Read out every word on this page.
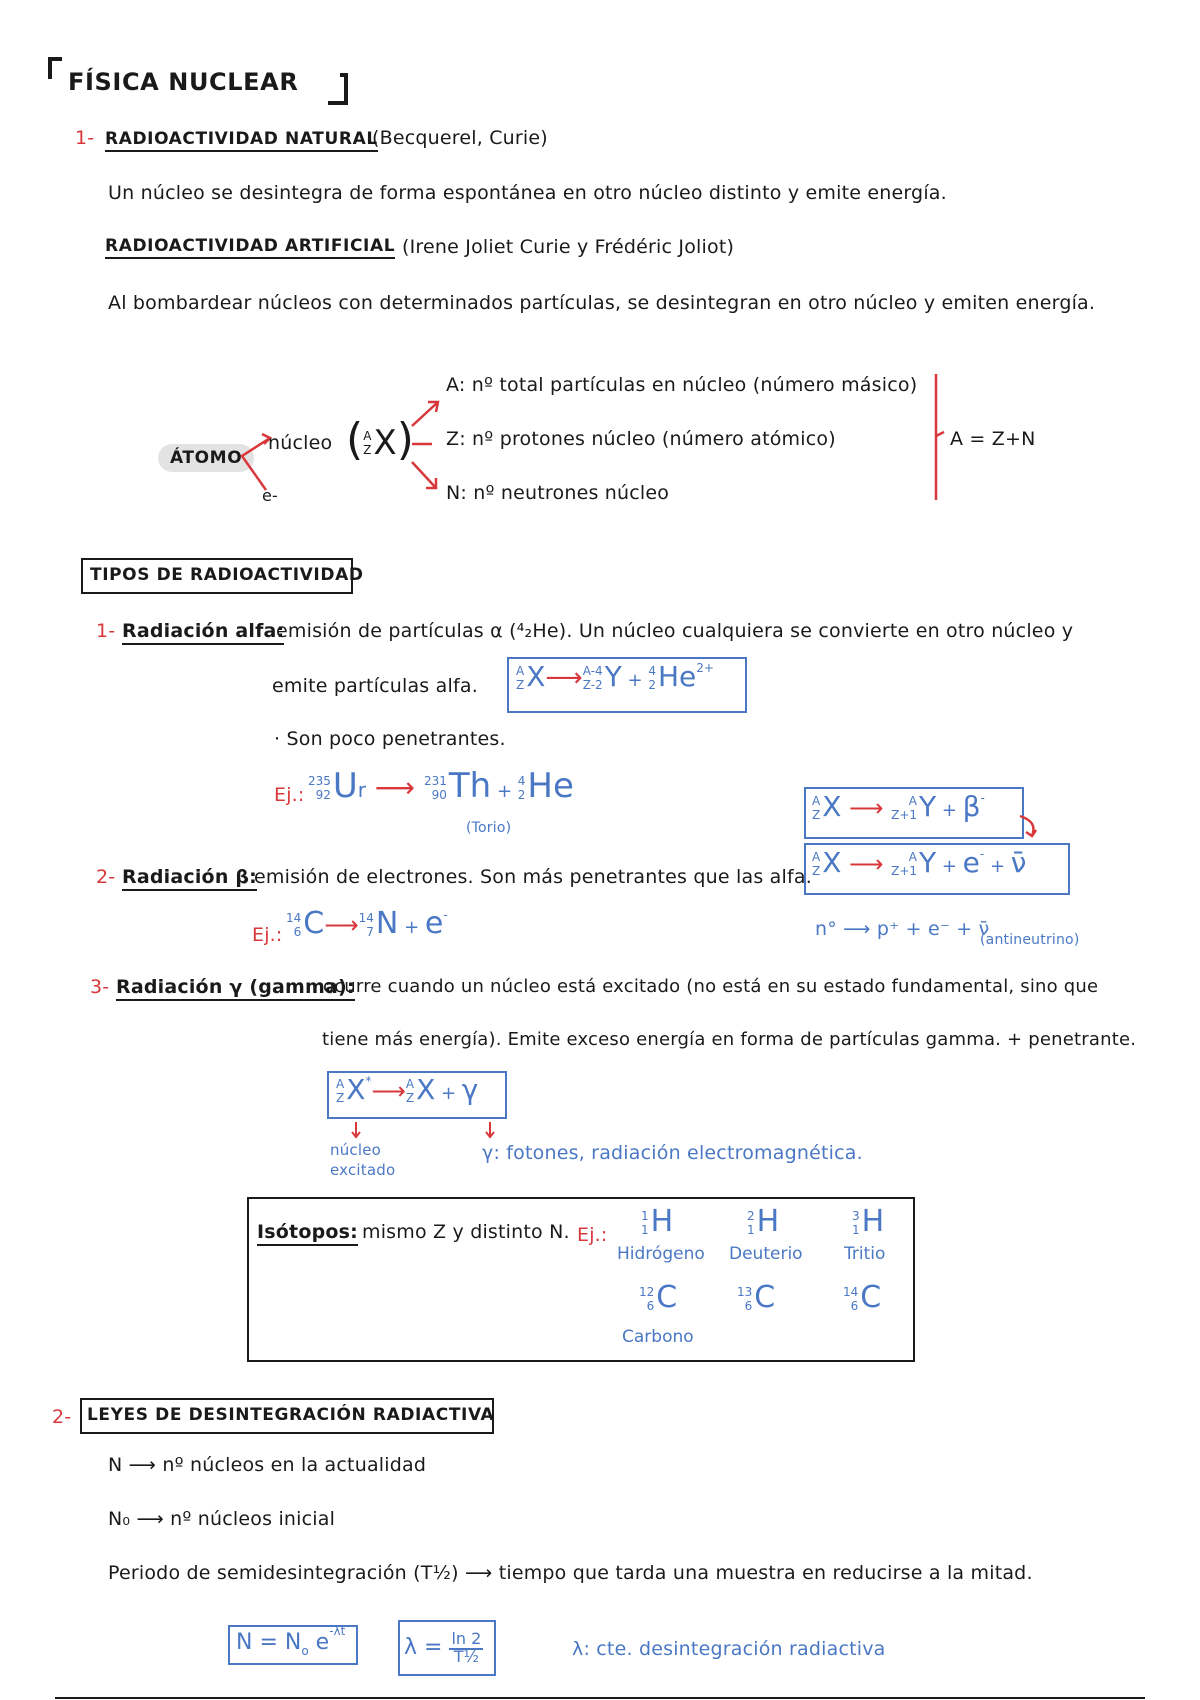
FÍSICA NUCLEAR
1- RADIOACTIVIDAD NATURAL
(Becquerel, Curie)
Un núcleo se desintegra de forma espontánea en otro núcleo distinto y emite energía.
RADIOACTIVIDAD ARTIFICIAL (Irene Joliet Curie y Frédéric Joliot)
Al bombardear núcleos con determinados partículas, se desintegran en otro núcleo y emiten energía.
ÁTOMO
núcleo
e-
(A
ZX)
A: nº total partículas en núcleo (número másico)
Z: nº protones núcleo (número atómico)
N: nº neutrones núcleo
A = Z+N
TIPOS DE RADIOACTIVIDAD
1- Radiación alfa:
emisión de partículas α (⁴₂He). Un núcleo cualquiera se convierte en otro núcleo y
emite partículas alfa.
A
ZX⟶A-4
Z-2Y + 4
$2He^{2+}$
· Son poco penetrantes.
Ej.:
235
92Ur ⟶ 231
90Th + 4
2He
(Torio)
A
ZX ⟶ A
Z+1Y + β-
A
ZX ⟶ A
Z+1Y + e- + ν̄
2- Radiación β:
emisión de electrones. Son más penetrantes que las alfa.
Ej.:
14
6C⟶14
7N + e-
n° ⟶ p⁺ + e⁻ + ν̄
(antineutrino)
3- Radiación γ (gamma):
ocurre cuando un núcleo está excitado (no está en su estado fundamental, sino que
tiene más energía). Emite exceso energía en forma de partículas gamma. + penetrante.
A
ZX*⟶A
ZX + γ
núcleo excitado
γ: fotones, radiación electromagnética.
Isótopos: mismo Z y distinto N. Ej.:
1
1H
Hidrógeno
2
1H
Deuterio
3
1H
Tritio
12
6C
Carbono
13
6C	14
6C
2- LEYES DE DESINTEGRACIÓN RADIACTIVA
N ⟶ nº núcleos en la actualidad
N₀ ⟶ nº núcleos inicial
Periodo de semidesintegración (T½) ⟶ tiempo que tarda una muestra en reducirse a la mitad.
$N = N_o$ $e^{-\lambda t}$
λ = ln 2
T½	λ: cte. desintegración radiactiva
